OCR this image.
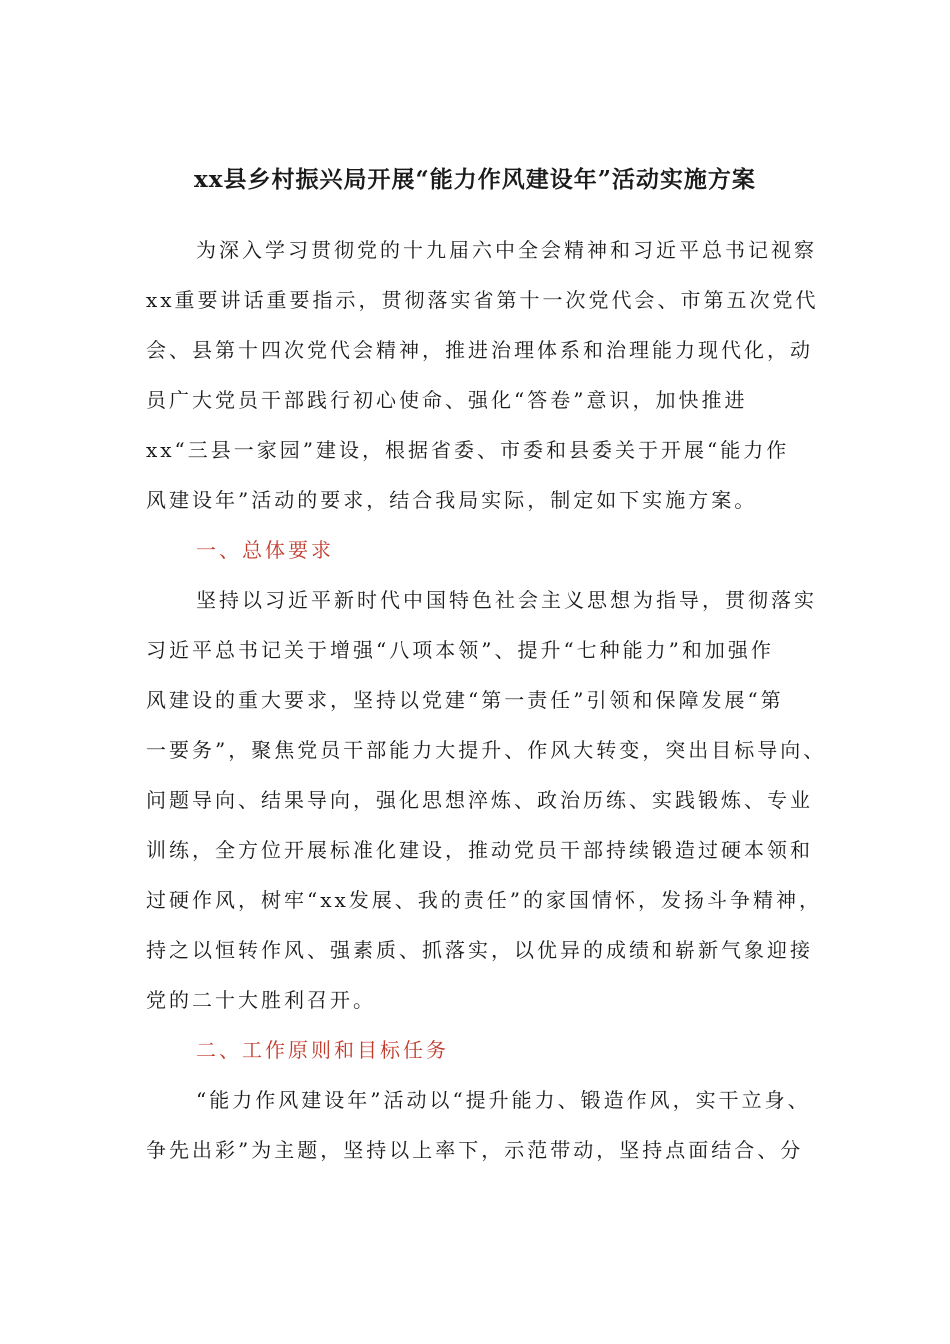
xx县乡村振兴局开展“能力作风建设年”活动实施方案

为深入学习贯彻党的十九届六中全会精神和习近平总书记视察

xx重要讲话重要指示，贯彻落实省第十一次党代会、市第五次党代

会、县第十四次党代会精神，推进治理体系和治理能力现代化，动

员广大党员干部践行初心使命、强化“答卷”意识，加快推进

xx“三县一家园”建设，根据省委、市委和县委关于开展“能力作

风建设年”活动的要求，结合我局实际，制定如下实施方案。

一、总体要求

坚持以习近平新时代中国特色社会主义思想为指导，贯彻落实

习近平总书记关于增强“八项本领”、提升“七种能力”和加强作

风建设的重大要求，坚持以党建“第一责任”引领和保障发展“第

一要务”，聚焦党员干部能力大提升、作风大转变，突出目标导向、

问题导向、结果导向，强化思想淬炼、政治历练、实践锻炼、专业

训练，全方位开展标准化建设，推动党员干部持续锻造过硬本领和

过硬作风，树牢“xx发展、我的责任”的家国情怀，发扬斗争精神，

持之以恒转作风、强素质、抓落实，以优异的成绩和崭新气象迎接

党的二十大胜利召开。

二、工作原则和目标任务

“能力作风建设年”活动以“提升能力、锻造作风，实干立身、

争先出彩”为主题，坚持以上率下，示范带动，坚持点面结合、分
